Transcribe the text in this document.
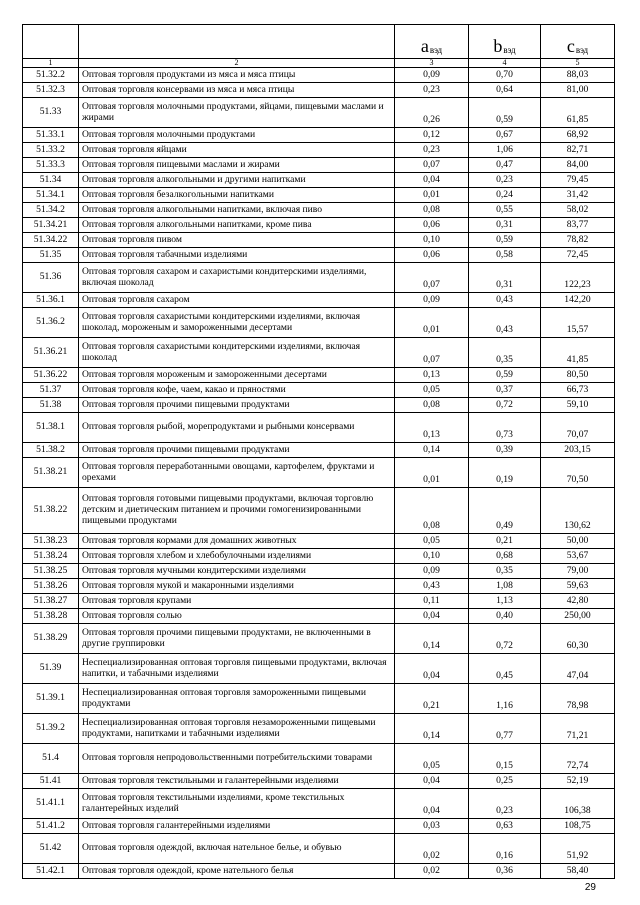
		$a_{вэд}$	$b_{вэд}$	$c_{вэд}$
1	2	3	4	5
51.32.2	Оптовая торговля продуктами из мяса и мяса птицы	0,09	0,70	88,03
51.32.3	Оптовая торговля консервами из мяса и мяса птицы	0,23	0,64	81,00
51.33	Оптовая торговля молочными продуктами, яйцами, пищевыми маслами и жирами	0,26	0,59	61,85
51.33.1	Оптовая торговля молочными продуктами	0,12	0,67	68,92
51.33.2	Оптовая торговля яйцами	0,23	1,06	82,71
51.33.3	Оптовая торговля пищевыми маслами и жирами	0,07	0,47	84,00
51.34	Оптовая торговля алкогольными и другими напитками	0,04	0,23	79,45
51.34.1	Оптовая торговля безалкогольными напитками	0,01	0,24	31,42
51.34.2	Оптовая торговля алкогольными напитками, включая пиво	0,08	0,55	58,02
51.34.21	Оптовая торговля алкогольными напитками, кроме пива	0,06	0,31	83,77
51.34.22	Оптовая торговля пивом	0,10	0,59	78,82
51.35	Оптовая торговля табачными изделиями	0,06	0,58	72,45
51.36	Оптовая торговля сахаром и сахаристыми кондитерскими изделиями, включая шоколад	0,07	0,31	122,23
51.36.1	Оптовая торговля сахаром	0,09	0,43	142,20
51.36.2	Оптовая торговля сахаристыми кондитерскими изделиями, включая шоколад, мороженым и замороженными десертами	0,01	0,43	15,57
51.36.21	Оптовая торговля сахаристыми кондитерскими изделиями, включая шоколад	0,07	0,35	41,85
51.36.22	Оптовая торговля мороженым и замороженными десертами	0,13	0,59	80,50
51.37	Оптовая торговля кофе, чаем, какао и пряностями	0,05	0,37	66,73
51.38	Оптовая торговля прочими пищевыми продуктами	0,08	0,72	59,10
51.38.1	Оптовая торговля рыбой, морепродуктами и рыбными консервами	0,13	0,73	70,07
51.38.2	Оптовая торговля прочими пищевыми продуктами	0,14	0,39	203,15
51.38.21	Оптовая торговля переработанными овощами, картофелем, фруктами и орехами	0,01	0,19	70,50
51.38.22	Оптовая торговля готовыми пищевыми продуктами, включая торговлю детским и диетическим питанием и прочими гомогенизированными пищевыми продуктами	0,08	0,49	130,62
51.38.23	Оптовая торговля кормами для домашних животных	0,05	0,21	50,00
51.38.24	Оптовая торговля хлебом и хлебобулочными изделиями	0,10	0,68	53,67
51.38.25	Оптовая торговля мучными кондитерскими изделиями	0,09	0,35	79,00
51.38.26	Оптовая торговля мукой и макаронными изделиями	0,43	1,08	59,63
51.38.27	Оптовая торговля крупами	0,11	1,13	42,80
51.38.28	Оптовая торговля солью	0,04	0,40	250,00
51.38.29	Оптовая торговля прочими пищевыми продуктами, не включенными в другие группировки	0,14	0,72	60,30
51.39	Неспециализированная оптовая торговля пищевыми продуктами, включая напитки, и табачными изделиями	0,04	0,45	47,04
51.39.1	Неспециализированная оптовая торговля замороженными пищевыми продуктами	0,21	1,16	78,98
51.39.2	Неспециализированная оптовая торговля незамороженными пищевыми продуктами, напитками и табачными изделиями	0,14	0,77	71,21
51.4	Оптовая торговля непродовольственными потребительскими товарами	0,05	0,15	72,74
51.41	Оптовая торговля текстильными и галантерейными изделиями	0,04	0,25	52,19
51.41.1	Оптовая торговля текстильными изделиями, кроме текстильных галантерейных изделий	0,04	0,23	106,38
51.41.2	Оптовая торговля галантерейными изделиями	0,03	0,63	108,75
51.42	Оптовая торговля одеждой, включая нательное белье, и обувью	0,02	0,16	51,92
51.42.1	Оптовая торговля одеждой, кроме нательного белья	0,02	0,36	58,40
29
